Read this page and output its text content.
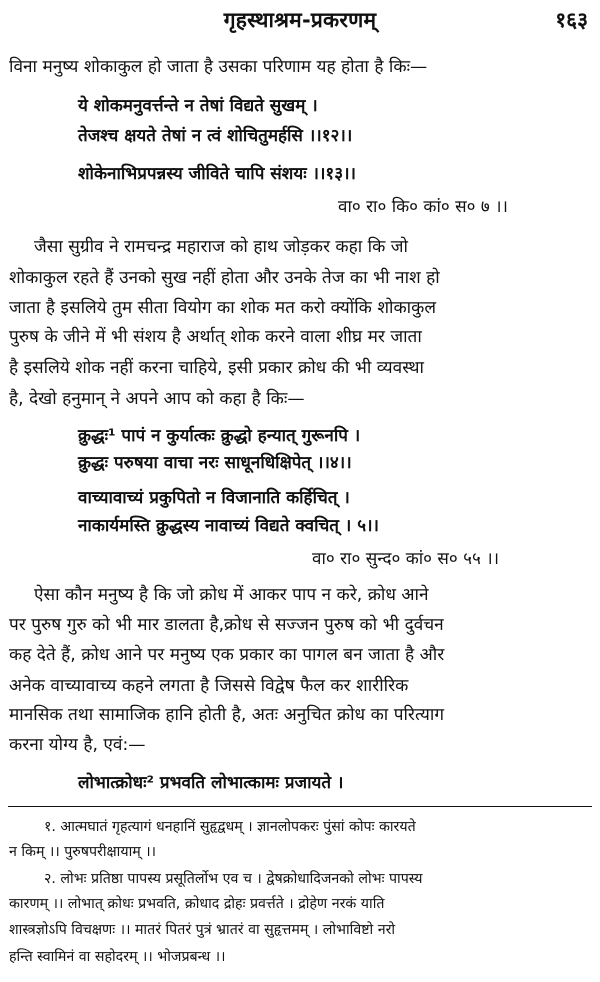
गृहस्थाश्रम-प्रकरणम्	१६३
विना मनुष्य शोकाकुल हो जाता है उसका परिणाम यह होता है किः—
ये शोकमनुवर्त्तन्ते न तेषां विद्यते सुखम् ।
तेजश्च क्षयते तेषां न त्वं शोचितुमर्हसि ।।१२।।
शोकेनाभिप्रपन्नस्य जीविते चापि संशयः ।।१३।।
वा० रा० कि० कां० स० ७ ।।
जैसा सुग्रीव ने रामचन्द्र महाराज को हाथ जोड़कर कहा कि जो
शोकाकुल रहते हैं उनको सुख नहीं होता और उनके तेज का भी नाश हो
जाता है इसलिये तुम सीता वियोग का शोक मत करो क्योंकि शोकाकुल
पुरुष के जीने में भी संशय है अर्थात् शोक करने वाला शीघ्र मर जाता
है इसलिये शोक नहीं करना चाहिये, इसी प्रकार क्रोध की भी व्यवस्था
है, देखो हनुमान् ने अपने आप को कहा है किः—
क्रुद्धः¹ पापं न कुर्यात्कः क्रुद्धो हन्यात् गुरूनपि ।
क्रुद्धः परुषया वाचा नरः साधूनधिक्षिपेत् ।।४।।
वाच्यावाच्यं प्रकुपितो न विजानाति कर्हिचित् ।
नाकार्यमस्ति क्रुद्धस्य नावाच्यं विद्यते क्वचित् । ५।।
वा० रा० सुन्द० कां० स० ५५ ।।
ऐसा कौन मनुष्य है कि जो क्रोध में आकर पाप न करे, क्रोध आने
पर पुरुष गुरु को भी मार डालता है,क्रोध से सज्जन पुरुष को भी दुर्वचन
कह देते हैं, क्रोध आने पर मनुष्य एक प्रकार का पागल बन जाता है और
अनेक वाच्यावाच्य कहने लगता है जिससे विद्वेष फैल कर शारीरिक
मानसिक तथा सामाजिक हानि होती है, अतः अनुचित क्रोध का परित्याग
करना योग्य है, एवं:—
लोभात्क्रोधः² प्रभवति लोभात्कामः प्रजायते ।
१. आत्मघातं गृहत्यागं धनहानिं सुहृद्वधम् । ज्ञानलोपकरः पुंसां कोपः कारयते
न किम् ।। पुरुषपरीक्षायाम् ।।
२. लोभः प्रतिष्ठा पापस्य प्रसूतिर्लोभ एव च । द्वेषक्रोधादिजनको लोभः पापस्य
कारणम् ।। लोभात् क्रोधः प्रभवति, क्रोधाद द्रोहः प्रवर्त्तते । द्रोहेण नरकं याति
शास्त्रज्ञोऽपि विचक्षणः ।। मातरं पितरं पुत्रं भ्रातरं वा सुहृत्तमम् । लोभाविष्टो नरो
हन्ति स्वामिनं वा सहोदरम् ।। भोजप्रबन्ध ।।
